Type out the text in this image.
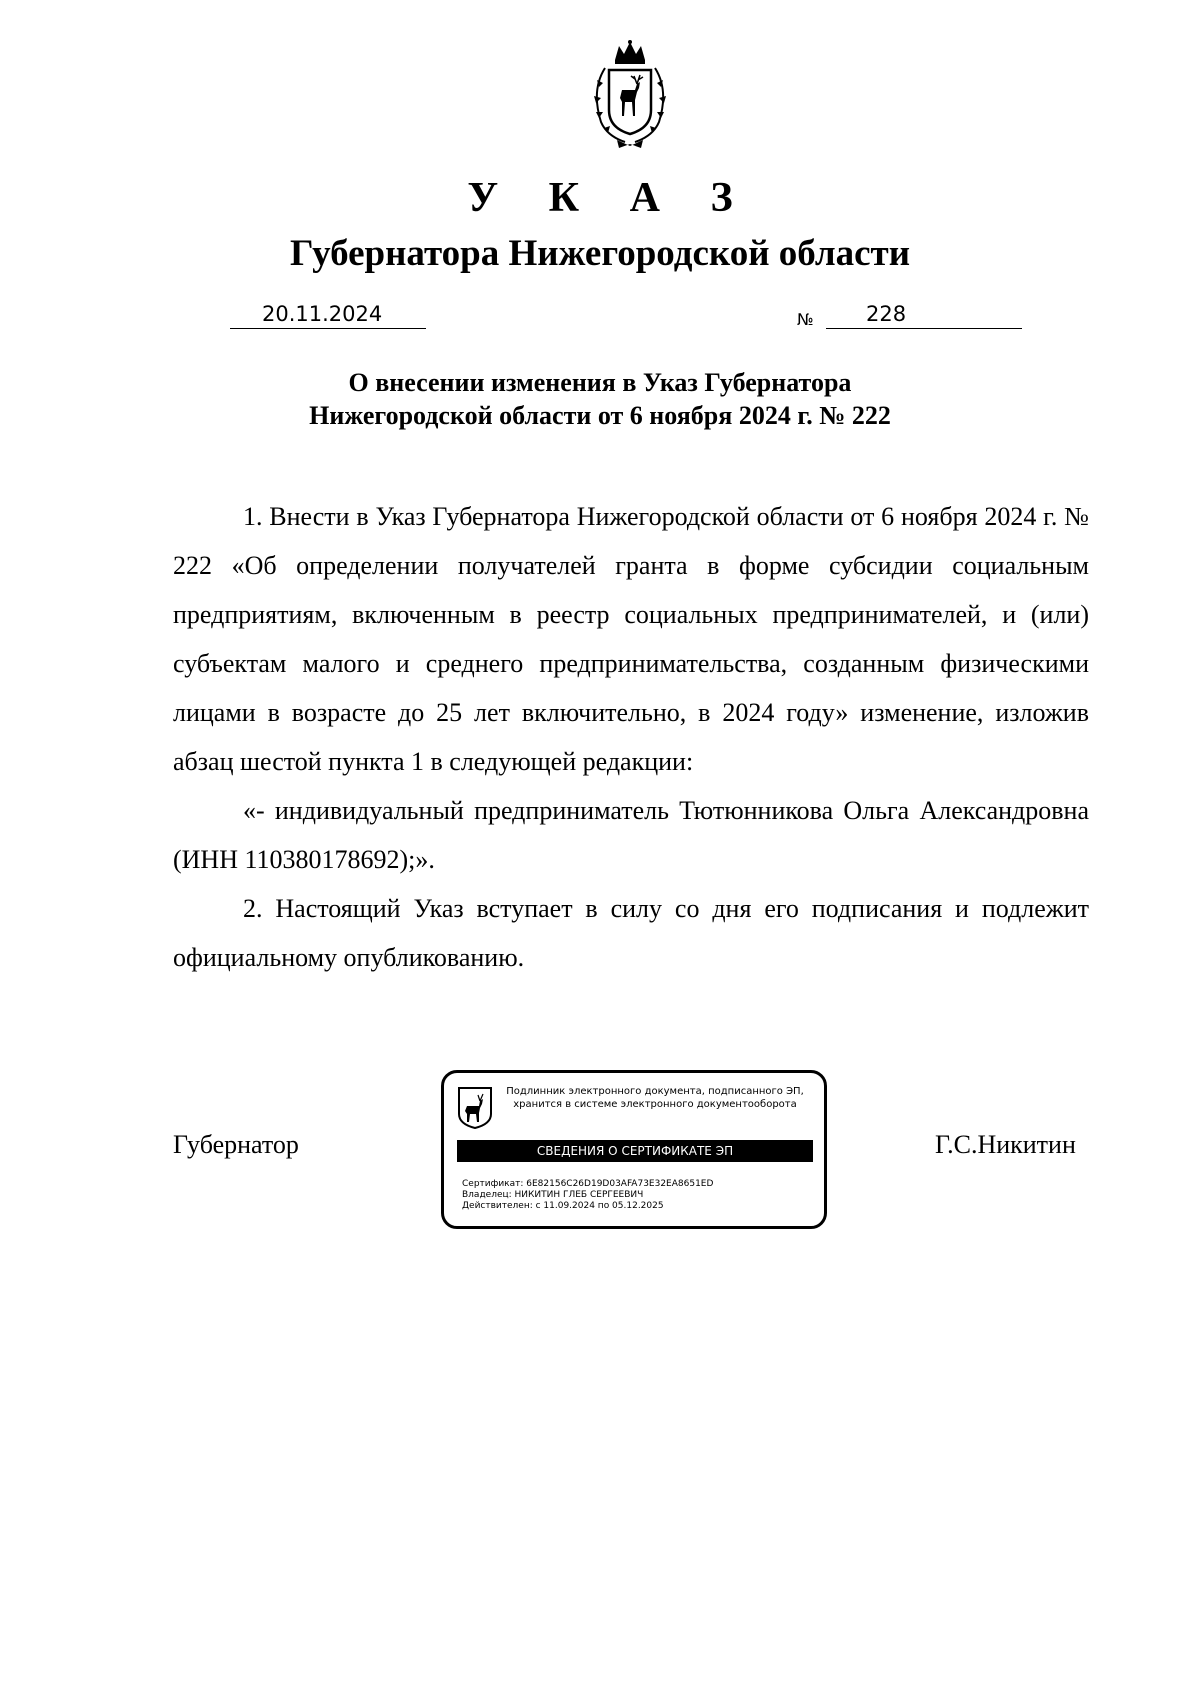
У К А З
Губернатора Нижегородской области
20.11.2024	№ 228
О внесении изменения в Указ Губернатора
Нижегородской области от 6 ноября 2024 г. № 222

1. Внести в Указ Губернатора Нижегородской области от 6 ноября 2024 г. № 222 «Об определении получателей гранта в форме субсидии социальным предприятиям, включенным в реестр социальных предпринимателей, и (или) субъектам малого и среднего предпринимательства, созданным физическими лицами в возрасте до 25 лет включительно, в 2024 году» изменение, изложив абзац шестой пункта 1 в следующей редакции:

«- индивидуальный предприниматель Тютюнникова Ольга Александровна (ИНН 110380178692);».

2. Настоящий Указ вступает в силу со дня его подписания и подлежит официальному опубликованию.

Губернатор	Г.С.Никитин
Подлинник электронного документа, подписанного ЭП,
хранится в системе электронного документооборота
СВЕДЕНИЯ О СЕРТИФИКАТЕ ЭП
Сертификат: 6E82156C26D19D03AFA73E32EA8651ED
Владелец: НИКИТИН ГЛЕБ СЕРГЕЕВИЧ
Действителен: с 11.09.2024 по 05.12.2025
